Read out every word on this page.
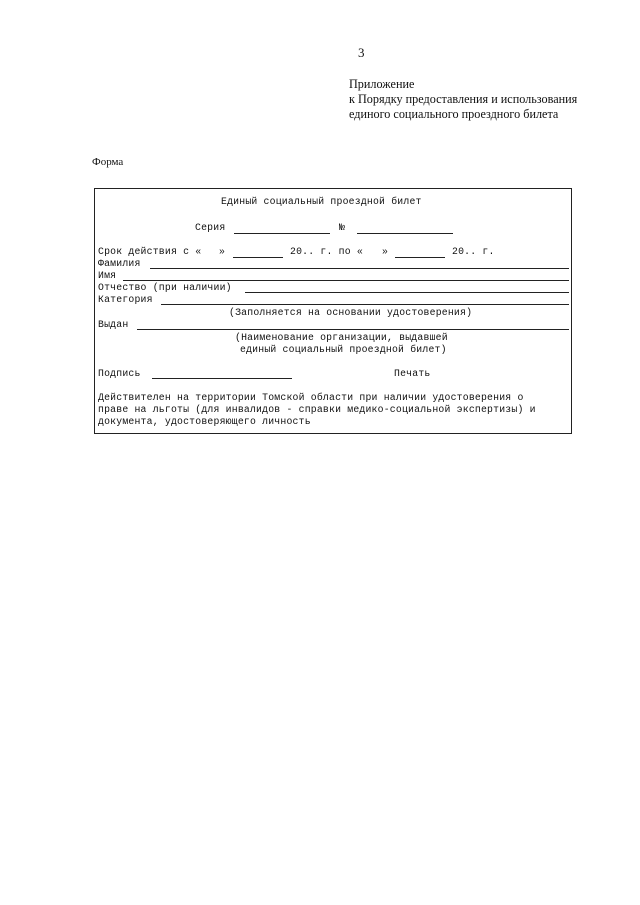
3
Приложение
к Порядку предоставления и использования
единого социального проездного билета
Форма
Единый социальный проездной билет
Серия	№
Срок действия с « »	20.. г. по « »	20.. г.
Фамилия
Имя
Отчество (при наличии)
Категория
(Заполняется на основании удостоверения)
Выдан
(Наименование организации, выдавшей
единый социальный проездной билет)
Подпись	Печать
Действителен на территории Томской области при наличии удостоверения о
праве на льготы (для инвалидов - справки медико-социальной экспертизы) и
документа, удостоверяющего личность
